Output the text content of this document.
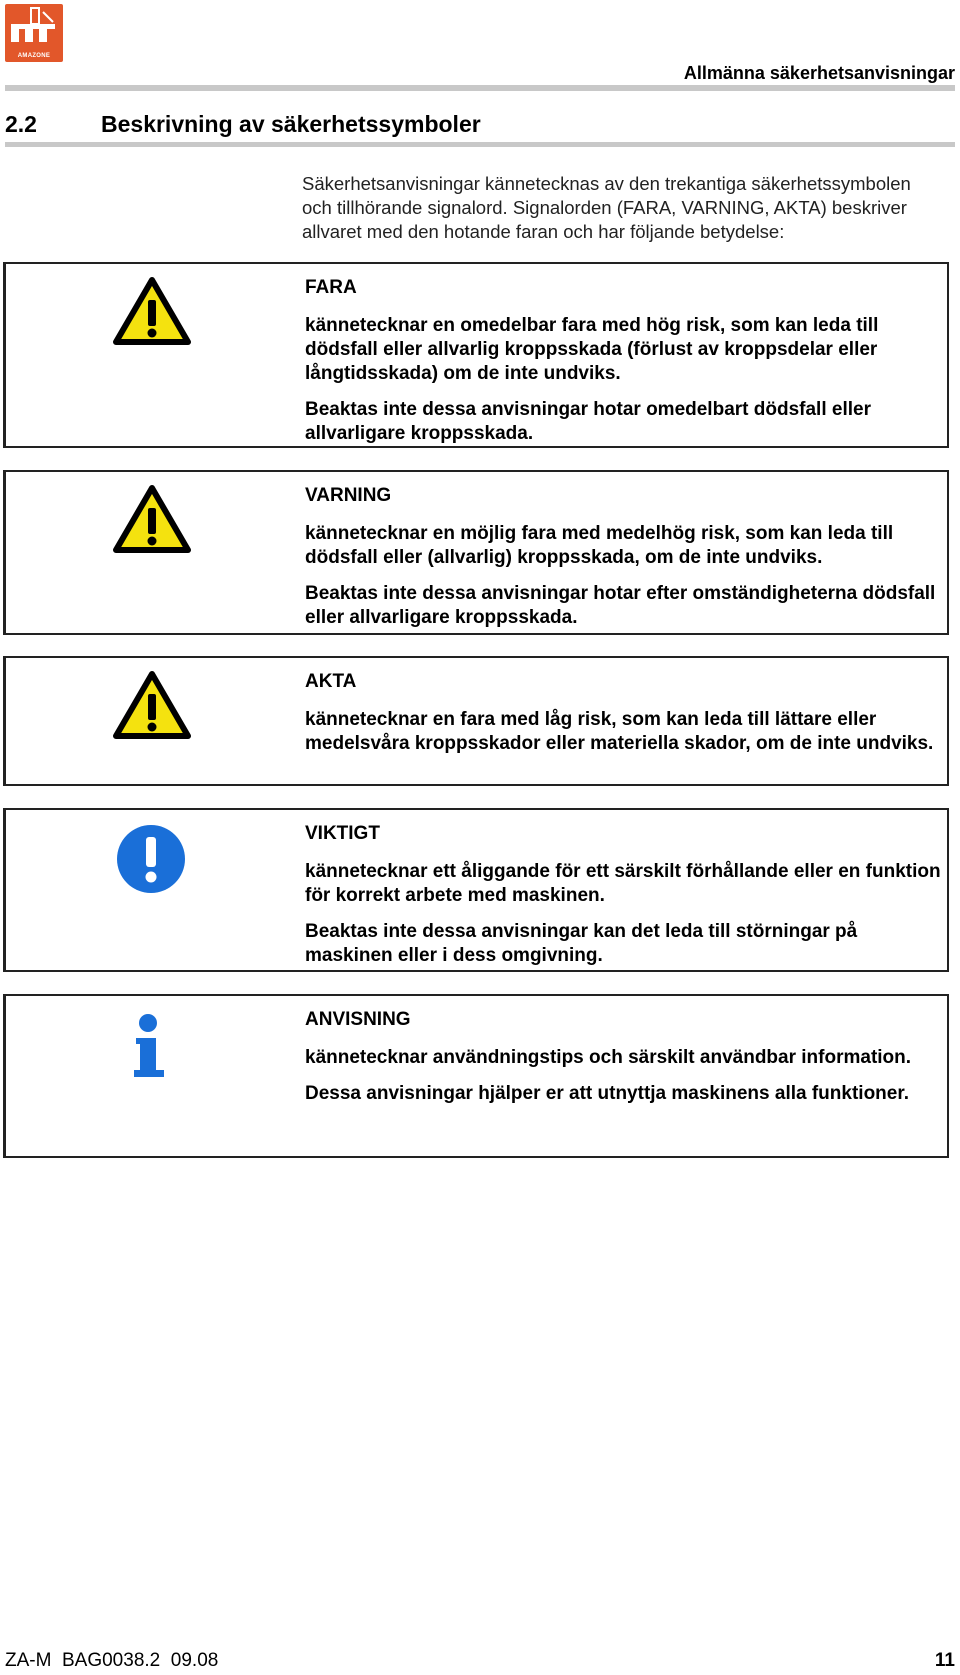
AMAZONE
Allmänna säkerhetsanvisningar
2.2	Beskrivning av säkerhetssymboler
Säkerhetsanvisningar kännetecknas av den trekantiga säkerhetssymbolen och tillhörande signalord. Signalorden (FARA, VARNING, AKTA) beskriver allvaret med den hotande faran och har följande betydelse:
FARA
kännetecknar en omedelbar fara med hög risk, som kan leda till dödsfall eller allvarlig kroppsskada (förlust av kroppsdelar eller långtidsskada) om de inte undviks.
Beaktas inte dessa anvisningar hotar omedelbart dödsfall eller allvarligare kroppsskada.
VARNING
kännetecknar en möjlig fara med medelhög risk, som kan leda till dödsfall eller (allvarlig) kroppsskada, om de inte undviks.
Beaktas inte dessa anvisningar hotar efter omständigheterna dödsfall eller allvarligare kroppsskada.
AKTA
kännetecknar en fara med låg risk, som kan leda till lättare eller medelsvåra kroppsskador eller materiella skador, om de inte undviks.
VIKTIGT
kännetecknar ett åliggande för ett särskilt förhållande eller en funktion för korrekt arbete med maskinen.
Beaktas inte dessa anvisningar kan det leda till störningar på maskinen eller i dess omgivning.
ANVISNING
kännetecknar användningstips och särskilt användbar information.
Dessa anvisningar hjälper er att utnyttja maskinens alla funktioner.
ZA-M  BAG0038.2  09.08	11
